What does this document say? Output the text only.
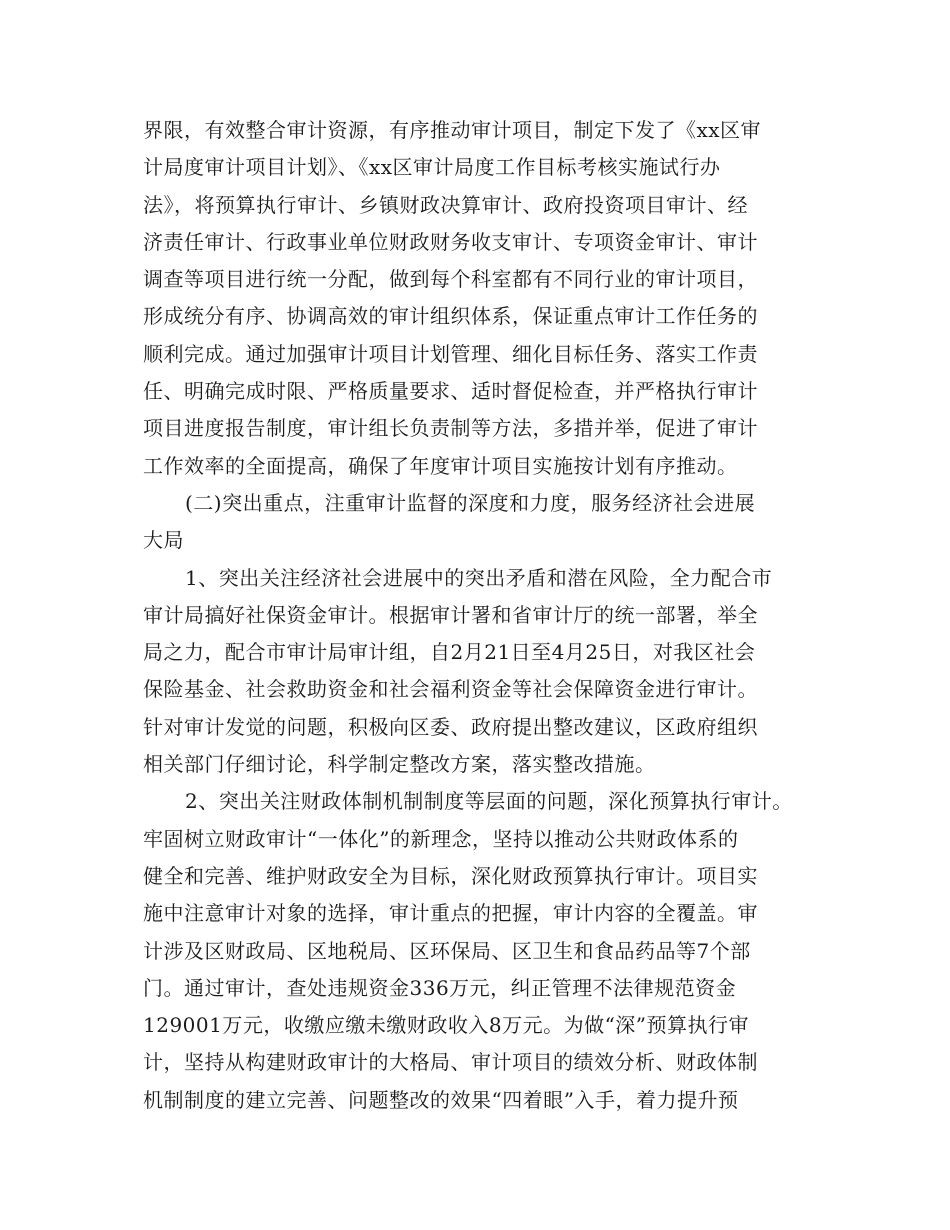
界限，有效整合审计资源，有序推动审计项目，制定下发了《xx区审
计局度审计项目计划》、《xx区审计局度工作目标考核实施试行办
法》，将预算执行审计、乡镇财政决算审计、政府投资项目审计、经
济责任审计、行政事业单位财政财务收支审计、专项资金审计、审计
调查等项目进行统一分配，做到每个科室都有不同行业的审计项目，
形成统分有序、协调高效的审计组织体系，保证重点审计工作任务的
顺利完成。通过加强审计项目计划管理、细化目标任务、落实工作责
任、明确完成时限、严格质量要求、适时督促检查，并严格执行审计
项目进度报告制度，审计组长负责制等方法，多措并举，促进了审计
工作效率的全面提高，确保了年度审计项目实施按计划有序推动。
(二)突出重点，注重审计监督的深度和力度，服务经济社会进展
大局
1、突出关注经济社会进展中的突出矛盾和潜在风险，全力配合市
审计局搞好社保资金审计。根据审计署和省审计厅的统一部署，举全
局之力，配合市审计局审计组，自2月21日至4月25日，对我区社会
保险基金、社会救助资金和社会福利资金等社会保障资金进行审计。
针对审计发觉的问题，积极向区委、政府提出整改建议，区政府组织
相关部门仔细讨论，科学制定整改方案，落实整改措施。
2、突出关注财政体制机制制度等层面的问题，深化预算执行审计。
牢固树立财政审计“一体化”的新理念，坚持以推动公共财政体系的
健全和完善、维护财政安全为目标，深化财政预算执行审计。项目实
施中注意审计对象的选择，审计重点的把握，审计内容的全覆盖。审
计涉及区财政局、区地税局、区环保局、区卫生和食品药品等7个部
门。通过审计，查处违规资金336万元，纠正管理不法律规范资金
129001万元，收缴应缴未缴财政收入8万元。为做“深”预算执行审
计，坚持从构建财政审计的大格局、审计项目的绩效分析、财政体制
机制制度的建立完善、问题整改的效果“四着眼”入手，着力提升预
